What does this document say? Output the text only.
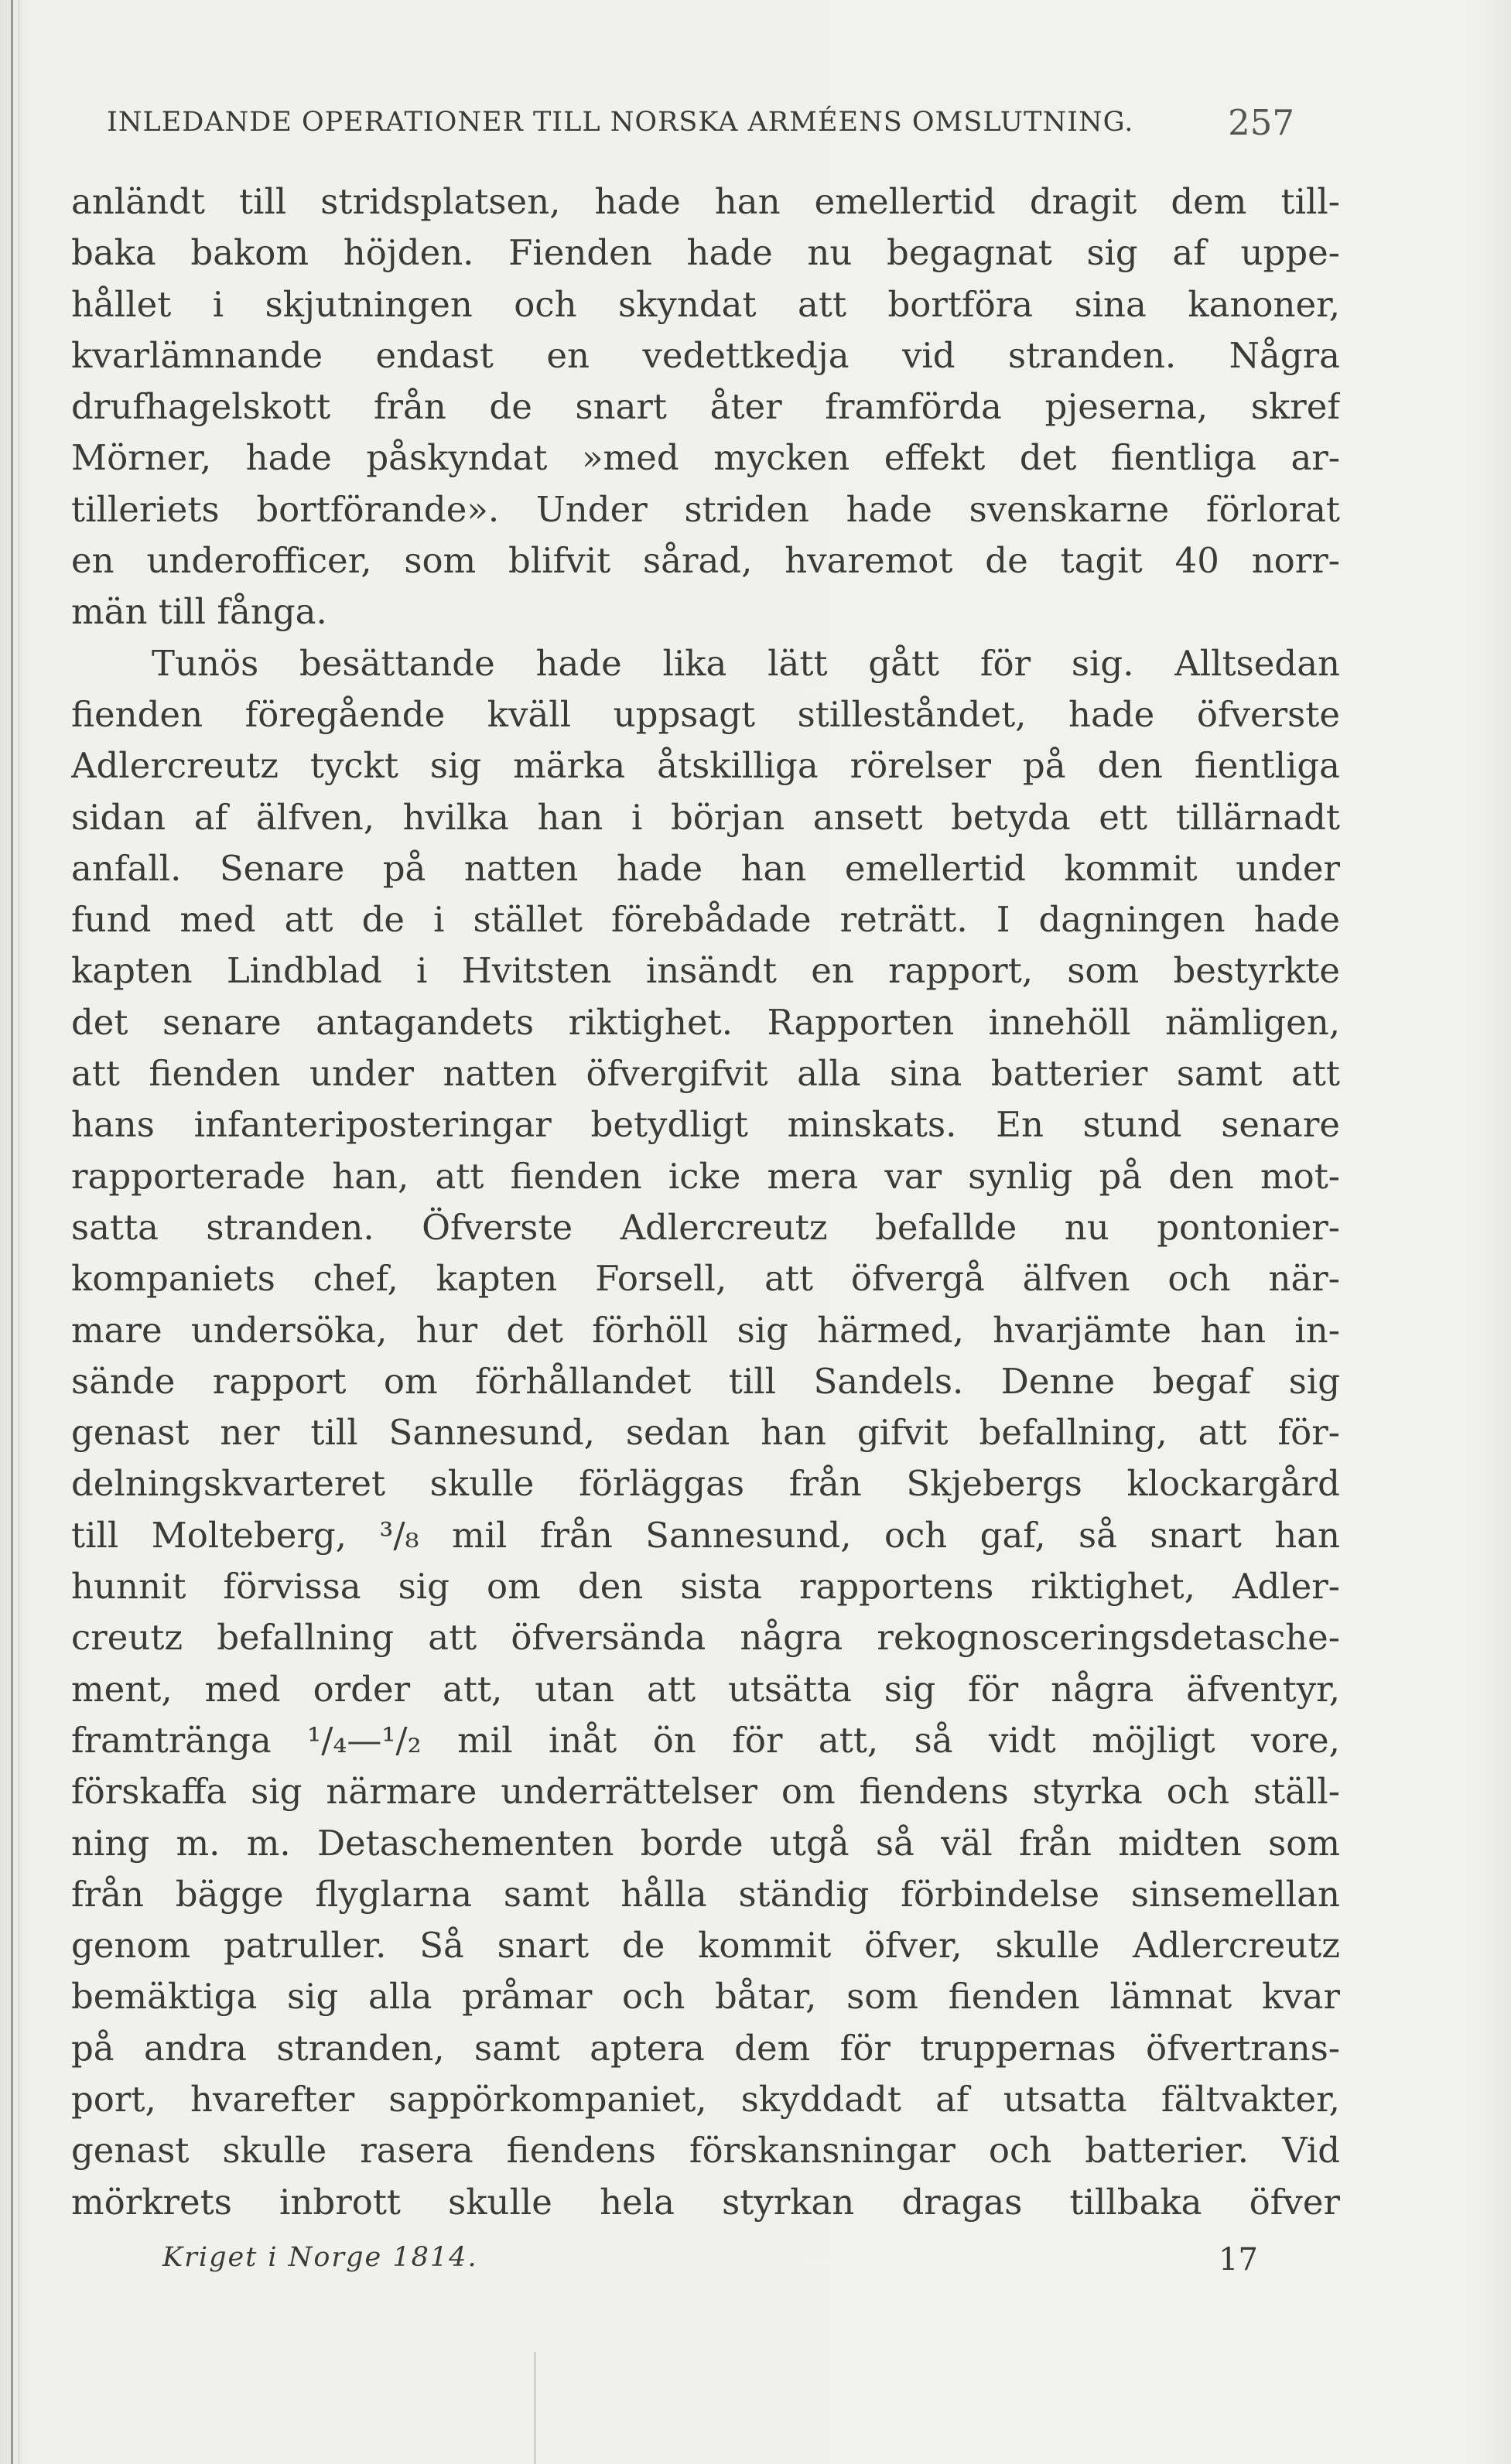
INLEDANDE OPERATIONER TILL NORSKA ARMÉENS OMSLUTNING.	257
anländt till stridsplatsen, hade han emellertid dragit dem till-
baka bakom höjden. Fienden hade nu begagnat sig af uppe-
hållet i skjutningen och skyndat att bortföra sina kanoner,
kvarlämnande endast en vedettkedja vid stranden. Några
drufhagelskott från de snart åter framförda pjeserna, skref
Mörner, hade påskyndat »med mycken effekt det fientliga ar-
tilleriets bortförande». Under striden hade svenskarne förlorat
en underofficer, som blifvit sårad, hvaremot de tagit 40 norr-
män till fånga.
Tunös besättande hade lika lätt gått för sig. Alltsedan
fienden föregående kväll uppsagt stilleståndet, hade öfverste
Adlercreutz tyckt sig märka åtskilliga rörelser på den fientliga
sidan af älfven, hvilka han i början ansett betyda ett tillärnadt
anfall. Senare på natten hade han emellertid kommit under
fund med att de i stället förebådade reträtt. I dagningen hade
kapten Lindblad i Hvitsten insändt en rapport, som bestyrkte
det senare antagandets riktighet. Rapporten innehöll nämligen,
att fienden under natten öfvergifvit alla sina batterier samt att
hans infanteriposteringar betydligt minskats. En stund senare
rapporterade han, att fienden icke mera var synlig på den mot-
satta stranden. Öfverste Adlercreutz befallde nu pontonier-
kompaniets chef, kapten Forsell, att öfvergå älfven och när-
mare undersöka, hur det förhöll sig härmed, hvarjämte han in-
sände rapport om förhållandet till Sandels. Denne begaf sig
genast ner till Sannesund, sedan han gifvit befallning, att för-
delningskvarteret skulle förläggas från Skjebergs klockargård
till Molteberg, ³/₈ mil från Sannesund, och gaf, så snart han
hunnit förvissa sig om den sista rapportens riktighet, Adler-
creutz befallning att öfversända några rekognosceringsdetasche-
ment, med order att, utan att utsätta sig för några äfventyr,
framtränga ¹/₄—¹/₂ mil inåt ön för att, så vidt möjligt vore,
förskaffa sig närmare underrättelser om fiendens styrka och ställ-
ning m. m. Detaschementen borde utgå så väl från midten som
från bägge flyglarna samt hålla ständig förbindelse sinsemellan
genom patruller. Så snart de kommit öfver, skulle Adlercreutz
bemäktiga sig alla pråmar och båtar, som fienden lämnat kvar
på andra stranden, samt aptera dem för truppernas öfvertrans-
port, hvarefter sappörkompaniet, skyddadt af utsatta fältvakter,
genast skulle rasera fiendens förskansningar och batterier. Vid
mörkrets inbrott skulle hela styrkan dragas tillbaka öfver
Kriget i Norge 1814.	17
